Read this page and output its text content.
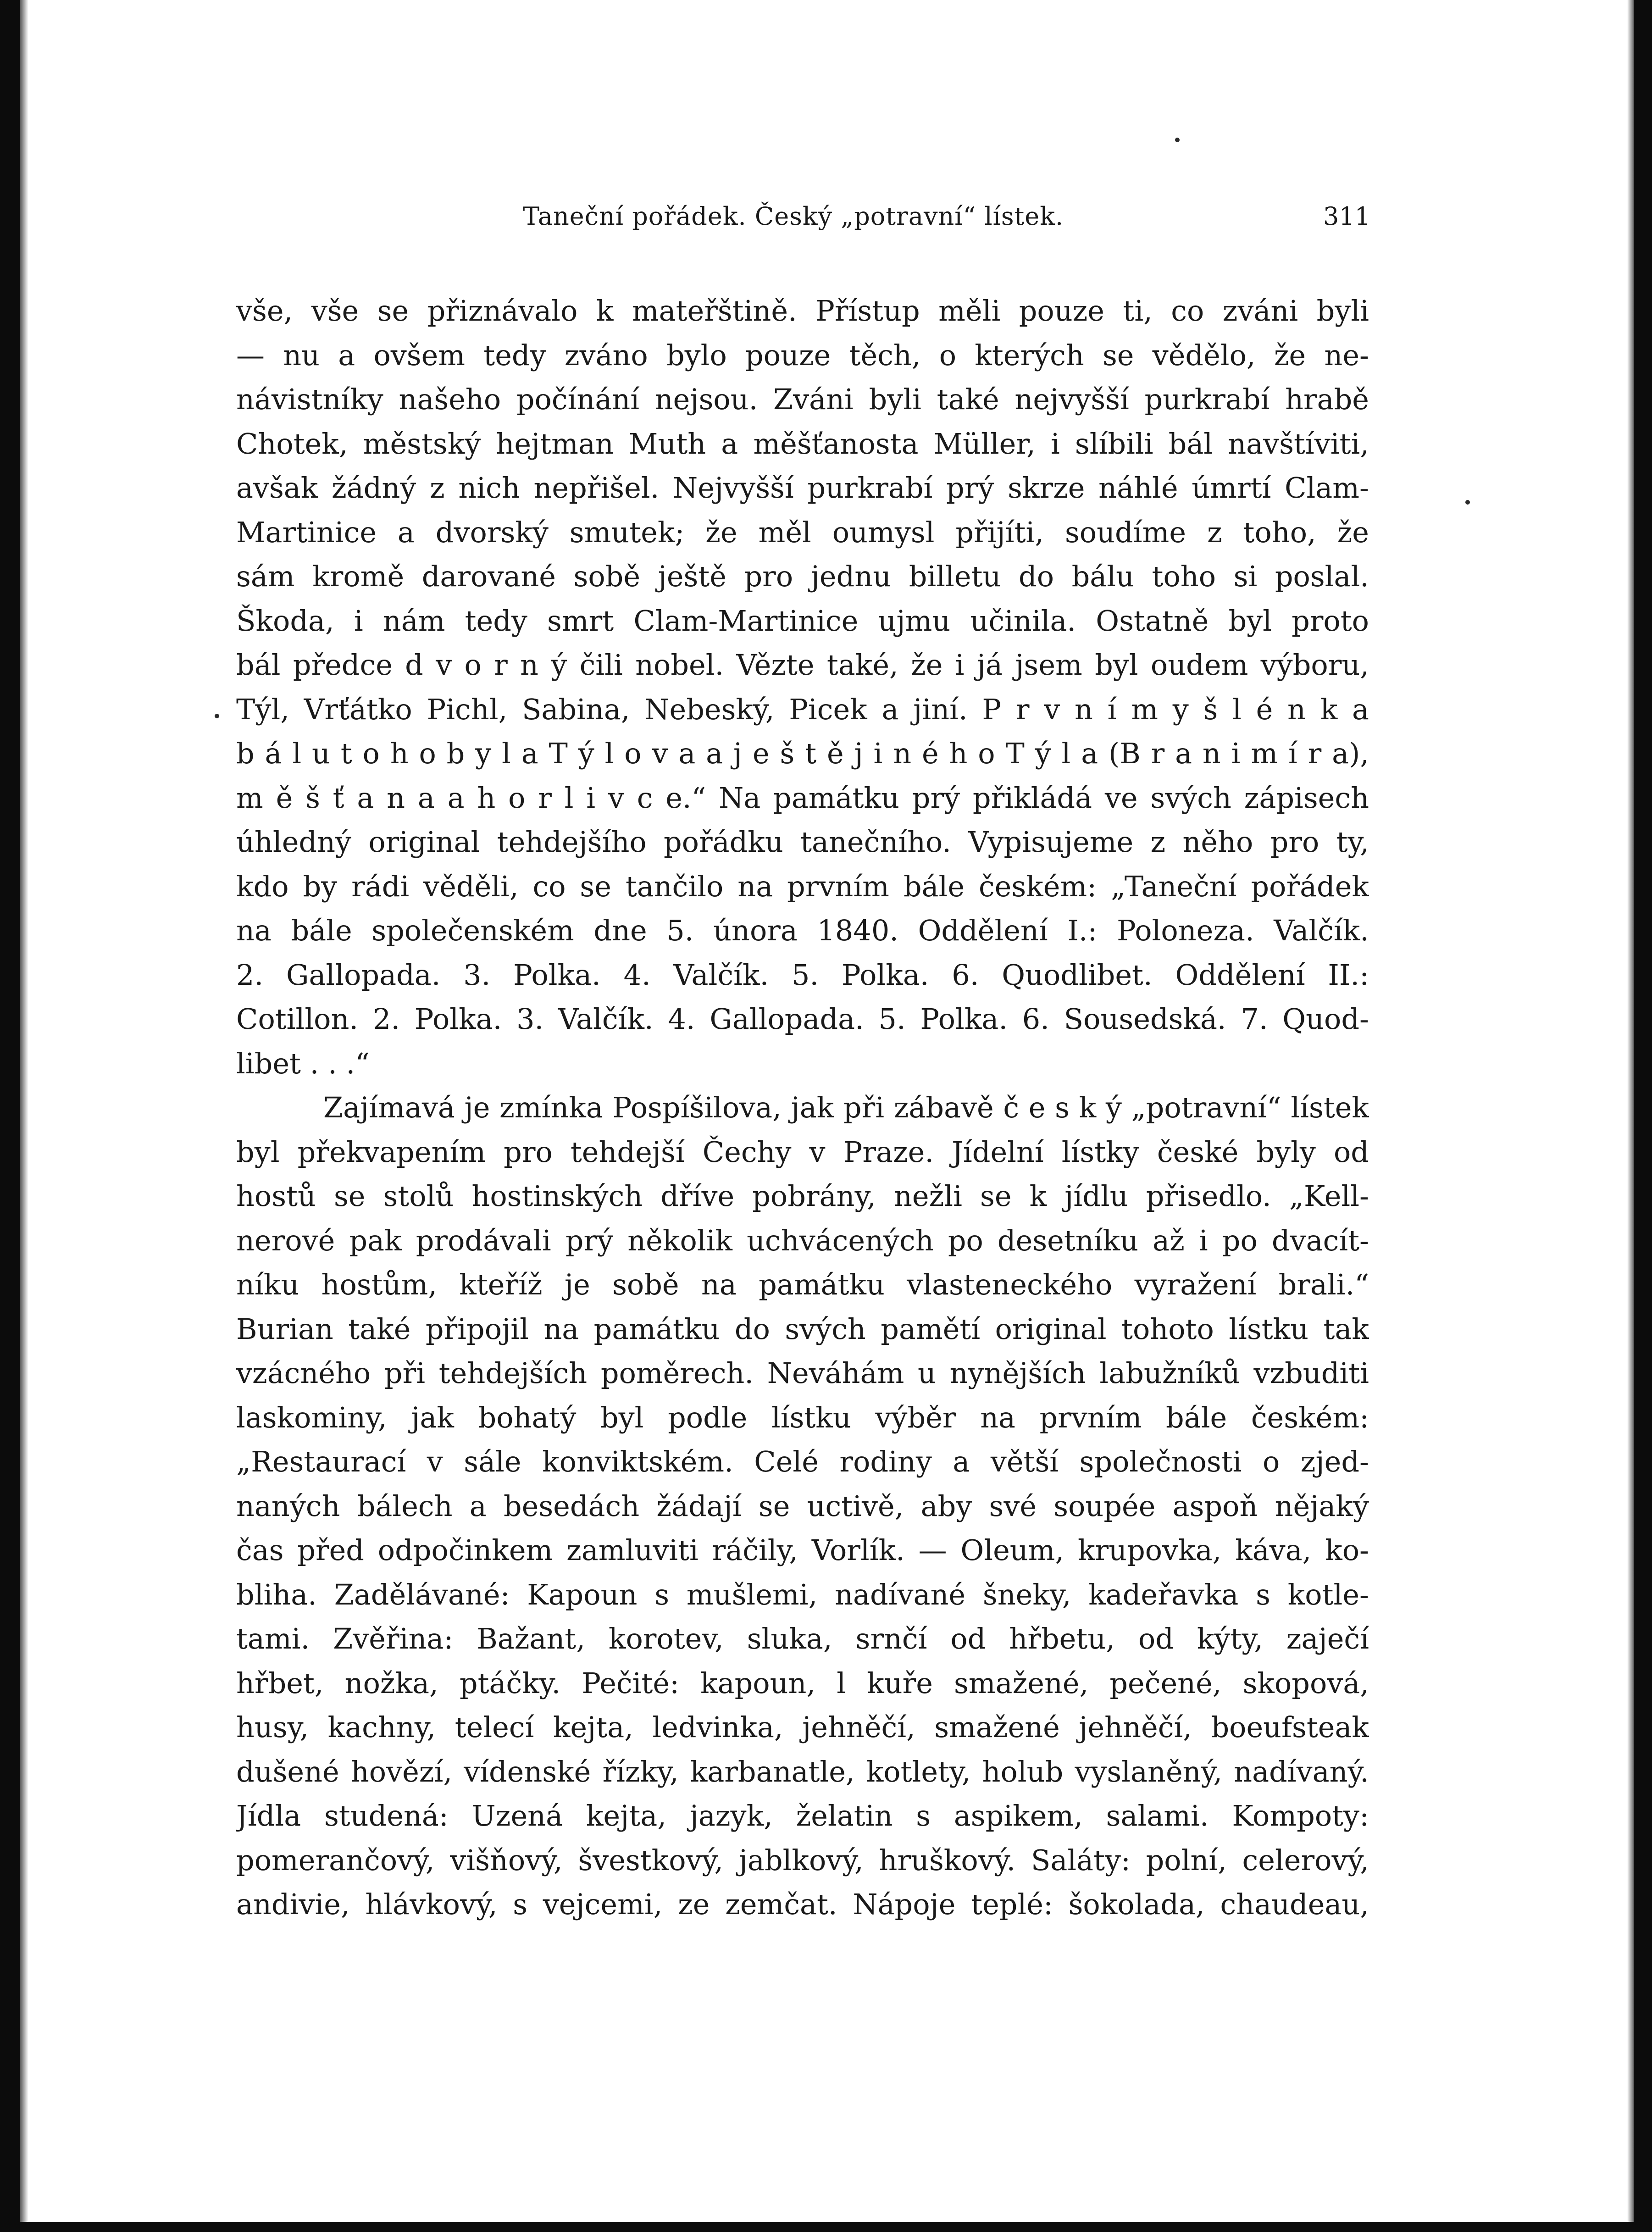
Taneční pořádek. Český „potravní“ lístek.	311
vše, vše se přiznávalo k mateřštině. Přístup měli pouze ti, co zváni byli
— nu a ovšem tedy zváno bylo pouze těch, o kterých se vědělo, že ne-
návistníky našeho počínání nejsou. Zváni byli také nejvyšší purkrabí hrabě
Chotek, městský hejtman Muth a měšťanosta Müller, i slíbili bál navštíviti,
avšak žádný z nich nepřišel. Nejvyšší purkrabí prý skrze náhlé úmrtí Clam-
Martinice a dvorský smutek; že měl oumysl přijíti, soudíme z toho, že
sám kromě darované sobě ještě pro jednu billetu do bálu toho si poslal.
Škoda, i nám tedy smrt Clam-Martinice ujmu učinila. Ostatně byl proto
bál předce d v o r n ý čili nobel. Vězte také, že i já jsem byl oudem výboru,
Týl, Vrťátko Pichl, Sabina, Nebeský, Picek a jiní. P r v n í m y š l é n k a
b á l u t o h o b y l a T ý l o v a a j e š t ě j i n é h o T ý l a (B r a n i m í r a),
m ě š ť a n a a h o r l i v c e.“ Na památku prý přikládá ve svých zápisech
úhledný original tehdejšího pořádku tanečního. Vypisujeme z něho pro ty,
kdo by rádi věděli, co se tančilo na prvním bále českém: „Taneční pořádek
na bále společenském dne 5. února 1840. Oddělení I.: Poloneza. Valčík.
2. Gallopada. 3. Polka. 4. Valčík. 5. Polka. 6. Quodlibet. Oddělení II.:
Cotillon. 2. Polka. 3. Valčík. 4. Gallopada. 5. Polka. 6. Sousedská. 7. Quod-
libet . . .“
Zajímavá je zmínka Pospíšilova, jak při zábavě č e s k ý „potravní“ lístek
byl překvapením pro tehdejší Čechy v Praze. Jídelní lístky české byly od
hostů se stolů hostinských dříve pobrány, nežli se k jídlu přisedlo. „Kell-
nerové pak prodávali prý několik uchvácených po desetníku až i po dvacít-
níku hostům, kteříž je sobě na památku vlasteneckého vyražení brali.“
Burian také připojil na památku do svých pamětí original tohoto lístku tak
vzácného při tehdejších poměrech. Neváhám u nynějších labužníků vzbuditi
laskominy, jak bohatý byl podle lístku výběr na prvním bále českém:
„Restaurací v sále konviktském. Celé rodiny a větší společnosti o zjed-
naných bálech a besedách žádají se uctivě, aby své soupée aspoň nějaký
čas před odpočinkem zamluviti ráčily, Vorlík. — Oleum, krupovka, káva, ko-
bliha. Zadělávané: Kapoun s mušlemi, nadívané šneky, kadeřavka s kotle-
tami. Zvěřina: Bažant, korotev, sluka, srnčí od hřbetu, od kýty, zaječí
hřbet, nožka, ptáčky. Pečité: kapoun, l kuře smažené, pečené, skopová,
husy, kachny, telecí kejta, ledvinka, jehněčí, smažené jehněčí, boeufsteak
dušené hovězí, vídenské řízky, karbanatle, kotlety, holub vyslaněný, nadívaný.
Jídla studená: Uzená kejta, jazyk, želatin s aspikem, salami. Kompoty:
pomerančový, višňový, švestkový, jablkový, hruškový. Saláty: polní, celerový,
andivie, hlávkový, s vejcemi, ze zemčat. Nápoje teplé: šokolada, chaudeau,
